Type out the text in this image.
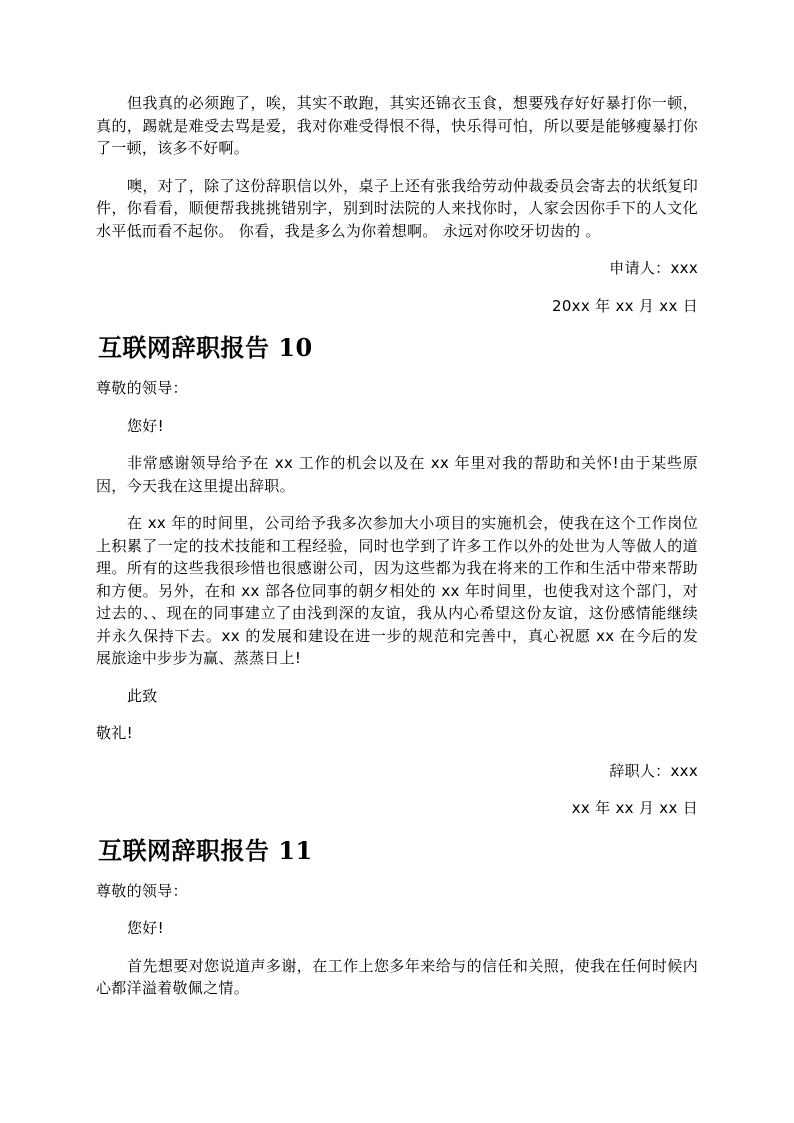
但我真的必须跑了，唉，其实不敢跑，其实还锦衣玉食，想要残存好好暴打你一顿，真的，踢就是难受去骂是爱，我对你难受得恨不得，快乐得可怕，所以要是能够瘦暴打你了一顿，该多不好啊。

噢，对了，除了这份辞职信以外，桌子上还有张我给劳动仲裁委员会寄去的状纸复印件，你看看，顺便帮我挑挑错别字，别到时法院的人来找你时，人家会因你手下的人文化水平低而看不起你。 你看，我是多么为你着想啊。 永远对你咬牙切齿的 。

申请人：xxx

20xx 年 xx 月 xx 日

互联网辞职报告 10

尊敬的领导：

您好!

非常感谢领导给予在 xx 工作的机会以及在 xx 年里对我的帮助和关怀!由于某些原因，今天我在这里提出辞职。

在 xx 年的时间里，公司给予我多次参加大小项目的实施机会，使我在这个工作岗位上积累了一定的技术技能和工程经验，同时也学到了许多工作以外的处世为人等做人的道理。所有的这些我很珍惜也很感谢公司，因为这些都为我在将来的工作和生活中带来帮助和方便。另外，在和 xx 部各位同事的朝夕相处的 xx 年时间里，也使我对这个部门，对过去的、、现在的同事建立了由浅到深的友谊，我从内心希望这份友谊，这份感情能继续并永久保持下去。xx 的发展和建设在进一步的规范和完善中，真心祝愿 xx 在今后的发展旅途中步步为赢、蒸蒸日上!

此致

敬礼!

辞职人：xxx

xx 年 xx 月 xx 日

互联网辞职报告 11

尊敬的领导：

您好!

首先想要对您说道声多谢，在工作上您多年来给与的信任和关照，使我在任何时候内心都洋溢着敬佩之情。
